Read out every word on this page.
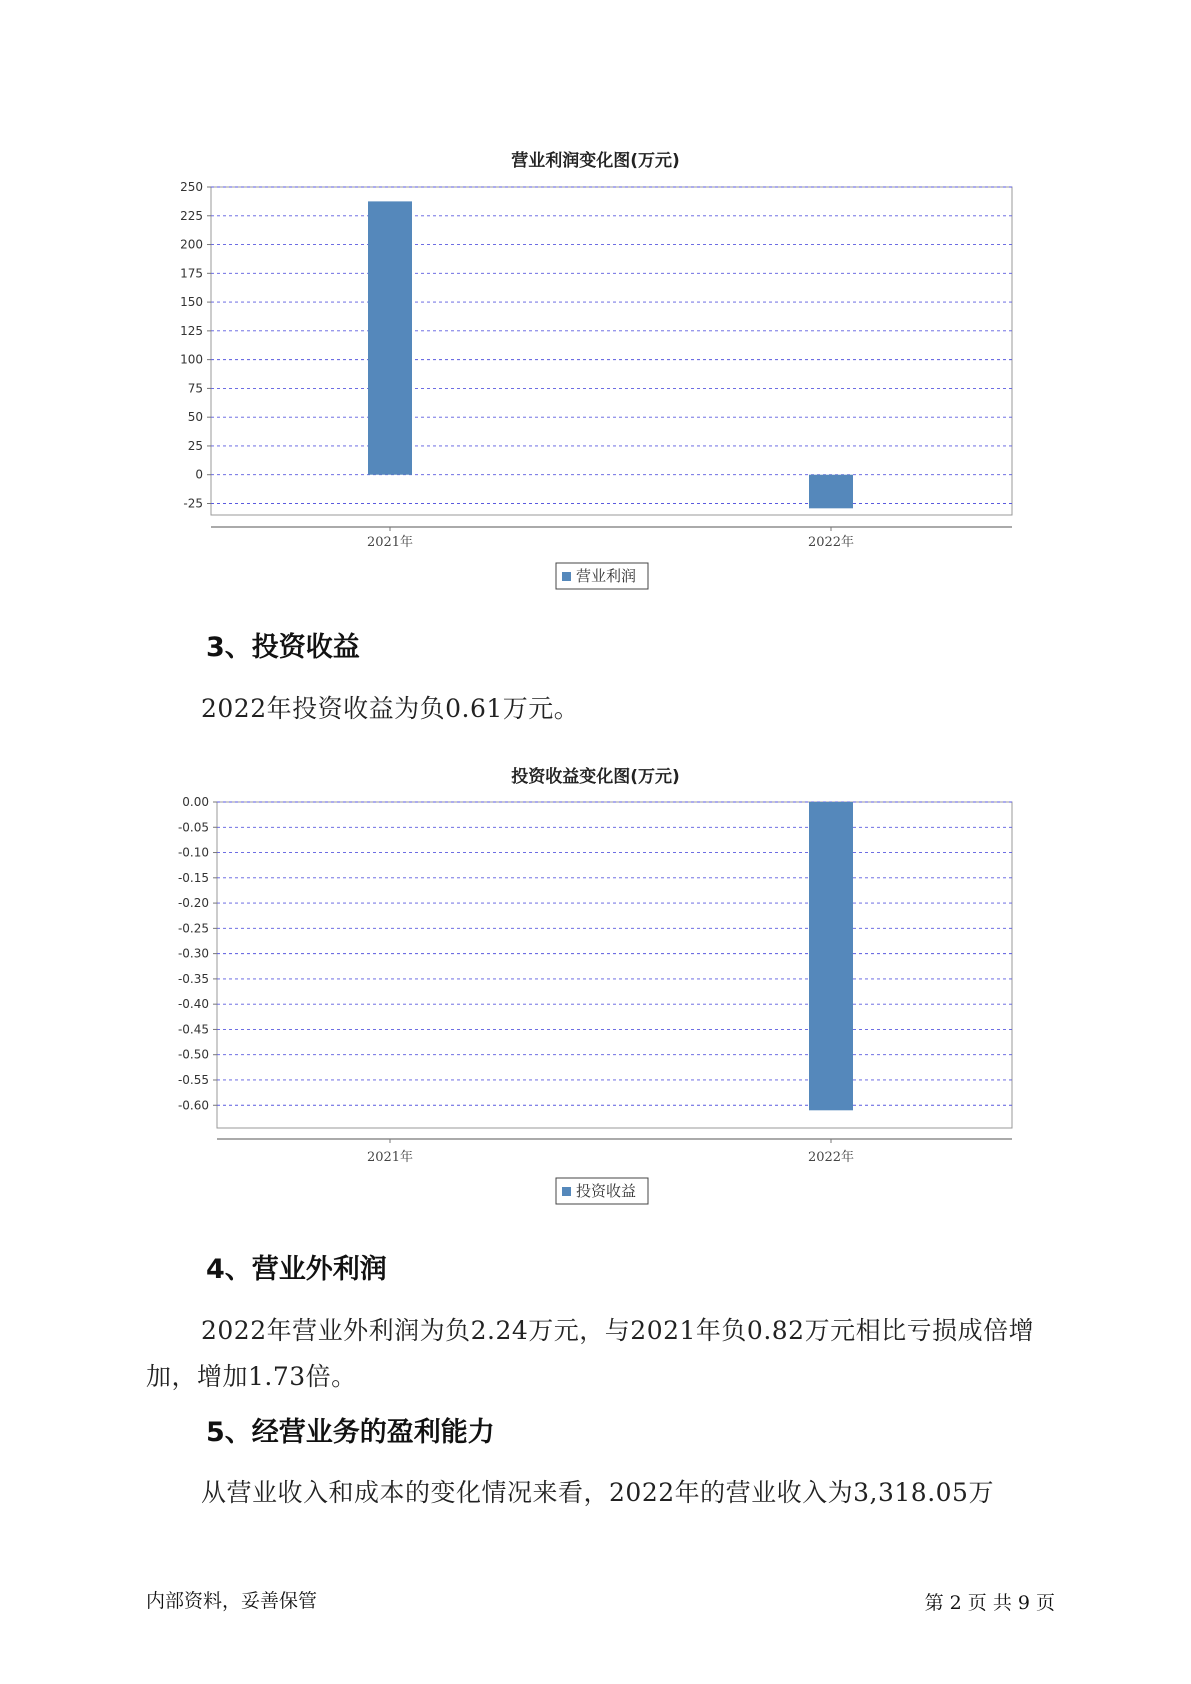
营业利润变化图(万元)
-25
0
25
50
75
100
125
150
175
200
225
250
2021年	2022年
营业利润
3、投资收益
2022年投资收益为负0.61万元。
投资收益变化图(万元)
0.00
-0.05
-0.10
-0.15
-0.20
-0.25
-0.30
-0.35
-0.40
-0.45
-0.50
-0.55
-0.60
2021年	2022年
投资收益
4、营业外利润
2022年营业外利润为负2.24万元，与2021年负0.82万元相比亏损成倍增加，增加1.73倍。
5、经营业务的盈利能力
从营业收入和成本的变化情况来看，2022年的营业收入为3,318.05万
内部资料，妥善保管	第 2 页 共 9 页
